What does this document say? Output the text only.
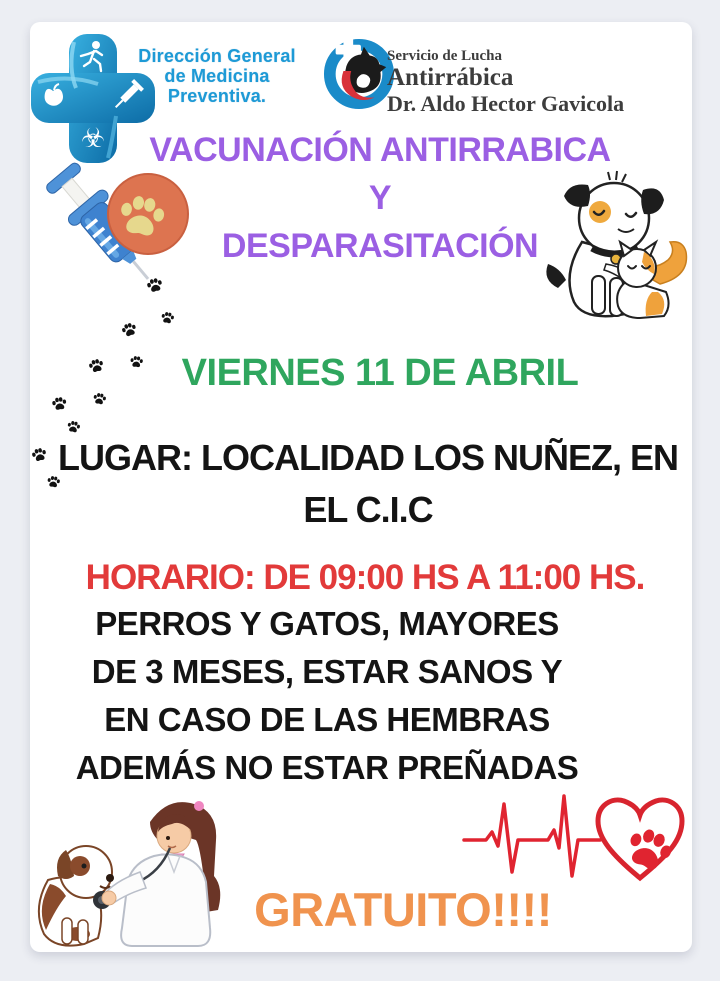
☣
Dirección General
de Medicina
Preventiva.
Servicio de Lucha
Antirrábica
Dr. Aldo Hector Gavicola
VACUNACIÓN ANTIRRABICA
Y
DESPARASITACIÓN
VIERNES 11 DE ABRIL
LUGAR: LOCALIDAD LOS NUÑEZ, EN
EL C.I.C
HORARIO: DE 09:00 HS A 11:00 HS.
PERROS Y GATOS, MAYORES
DE 3 MESES, ESTAR SANOS Y
EN CASO DE LAS HEMBRAS
ADEMÁS NO ESTAR PREÑADAS
GRATUITO!!!!
